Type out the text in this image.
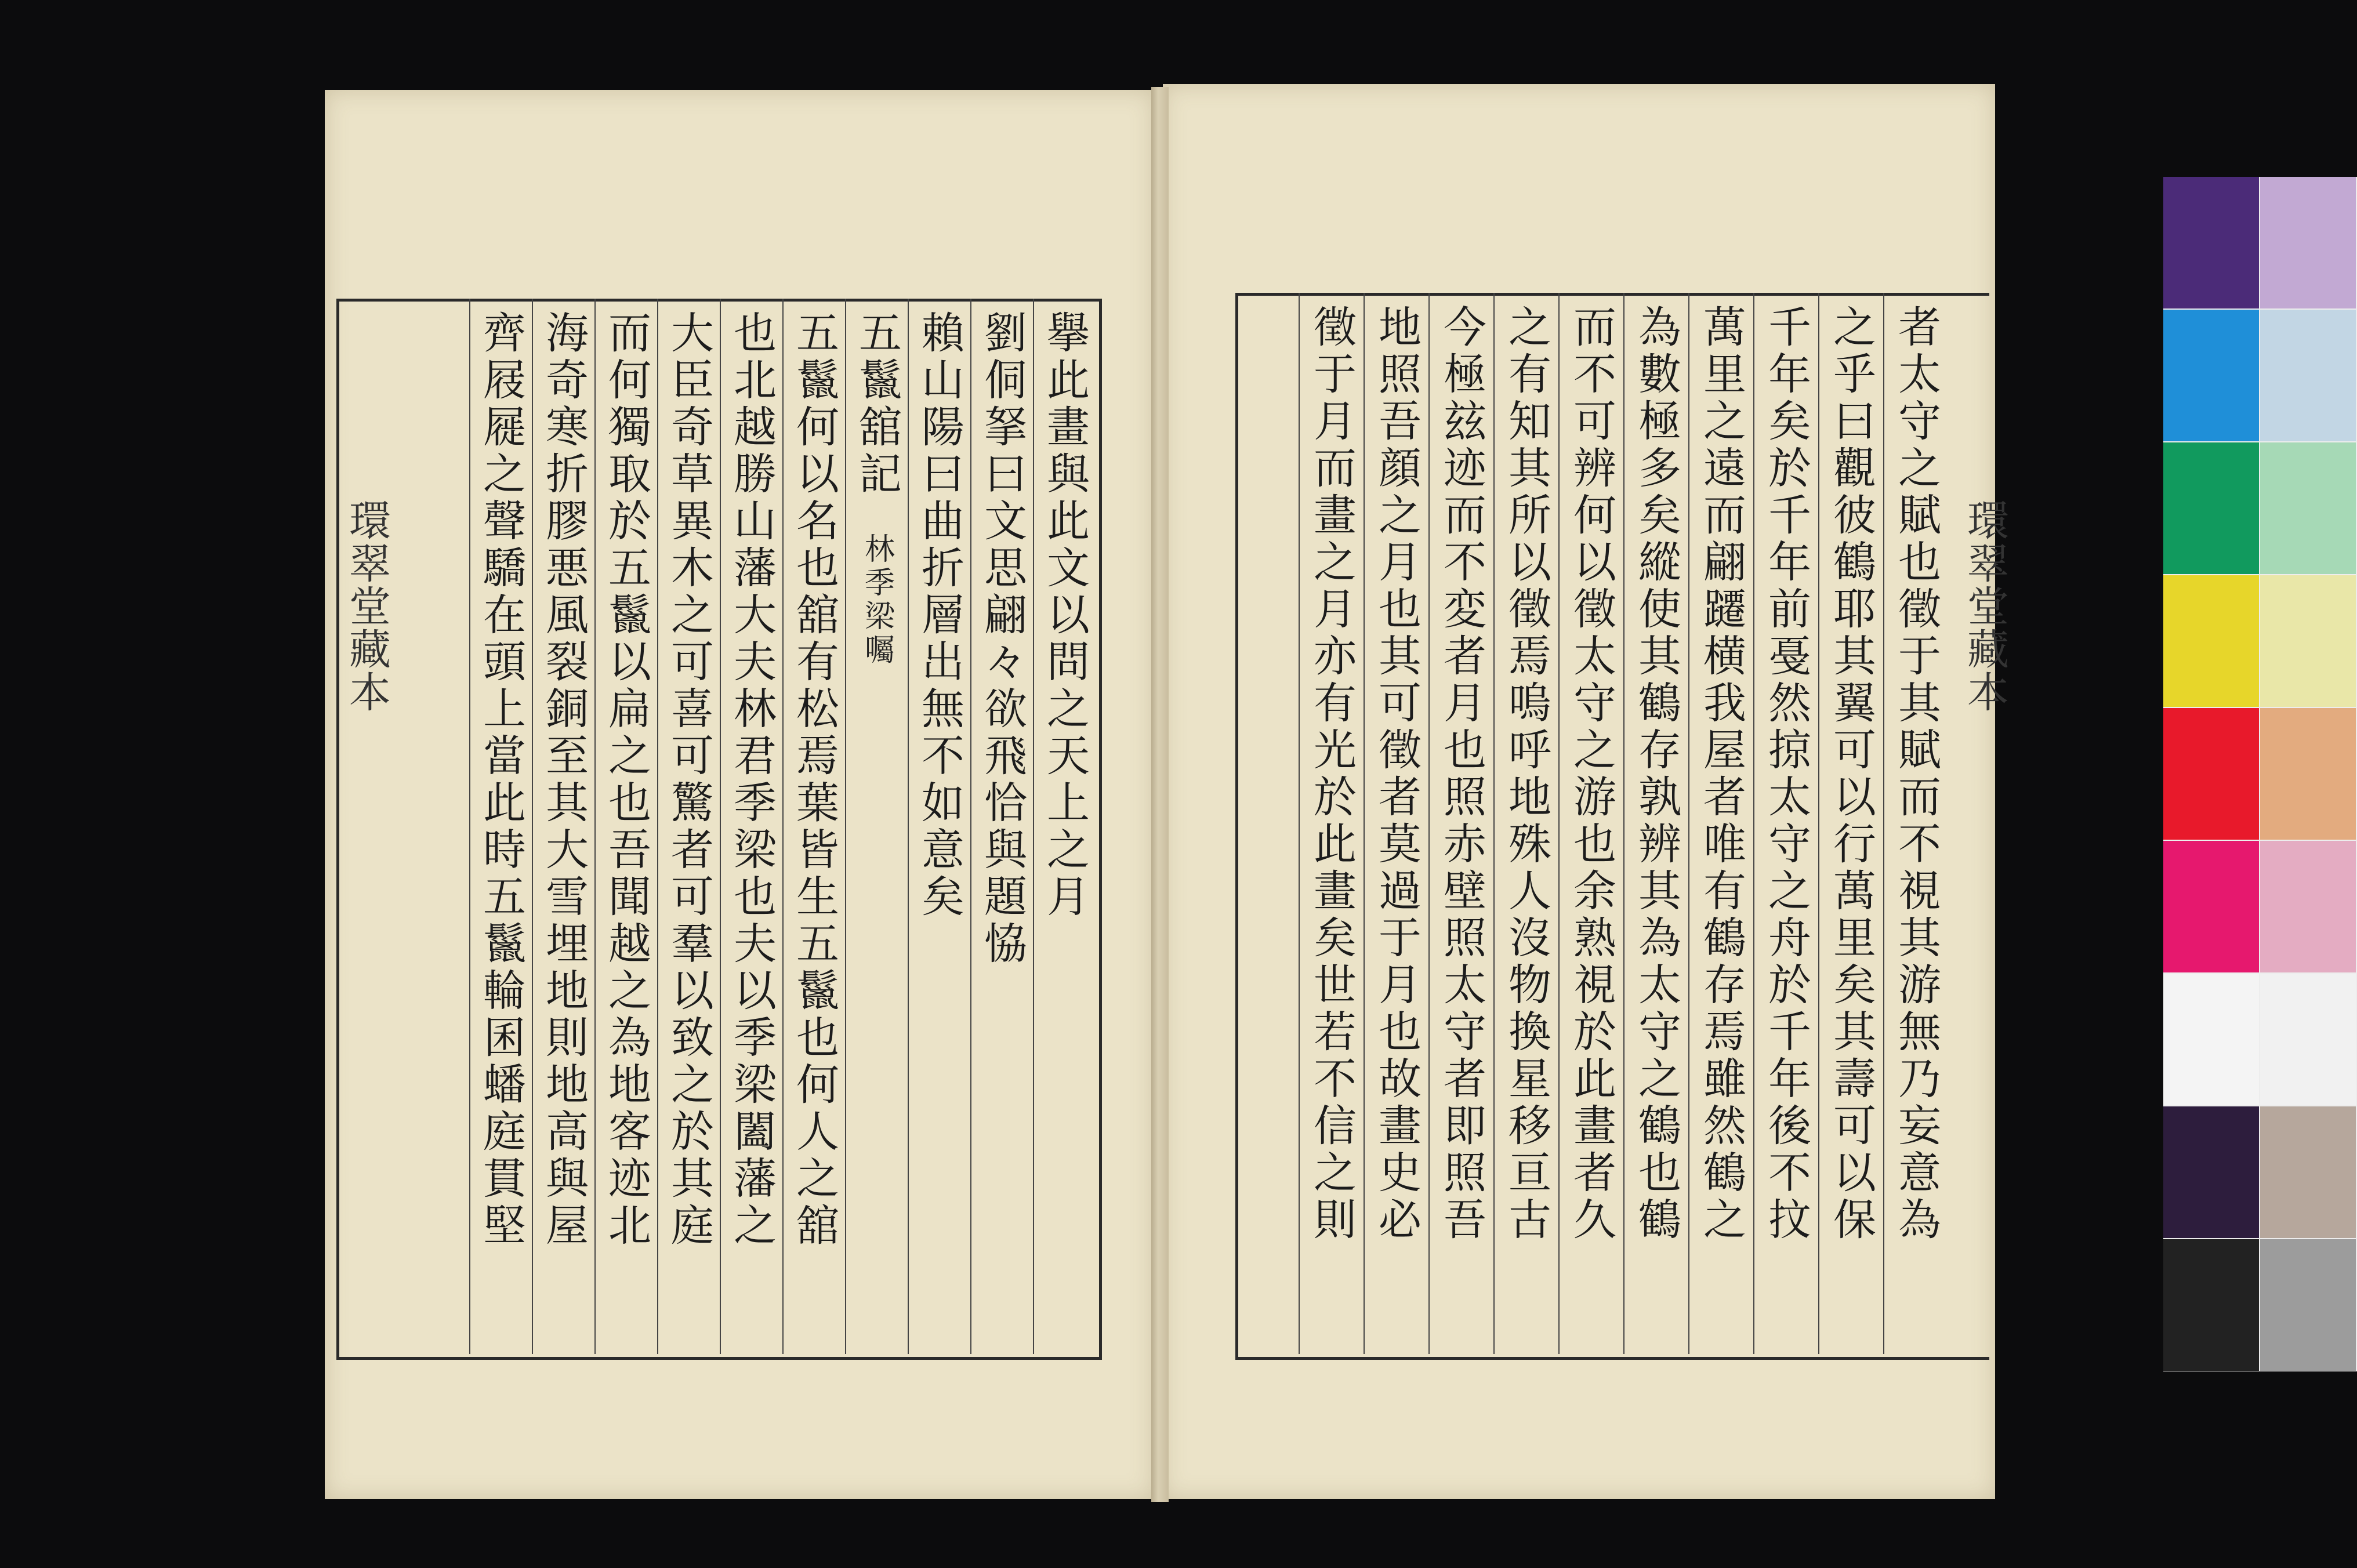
擧此畫與此文以問之天上之月
劉侗拏曰文思翩々欲飛恰與題恊
賴山陽曰曲折層出無不如意矣
五鬣舘記
林季梁囑
五鬣何以名也舘有松焉葉皆生五鬣也何人之舘
也北越勝山藩大夫林君季梁也夫以季梁闔藩之
大臣奇草異木之可喜可驚者可羣以致之於其庭
而何獨取於五鬣以扁之也吾聞越之為地客迹北
海奇寒折膠悪風裂銅至其大雪埋地則地高與屋
齊屐屣之聲驕在頭上當此時五鬣輪囷蟠庭貫堅	者太守之賦也徵于其賦而不視其游無乃妄意為
之乎曰觀彼鶴耶其翼可以行萬里矣其壽可以保
千年矣於千年前戞然掠太守之舟於千年後不抆
萬里之遠而翩躚横我屋者唯有鶴存焉雖然鶴之
為數極多矣縱使其鶴存孰辨其為太守之鶴也鶴
而不可辨何以徵太守之游也余熟視於此畫者久
之有知其所以徵焉嗚呼地殊人沒物換星移亘古
今極玆迹而不変者月也照赤壁照太守者即照吾
地照吾顔之月也其可徵者莫過于月也故畫史必
徵于月而畫之月亦有光於此畫矣世若不信之則
環翠堂藏本	環翠堂藏本
